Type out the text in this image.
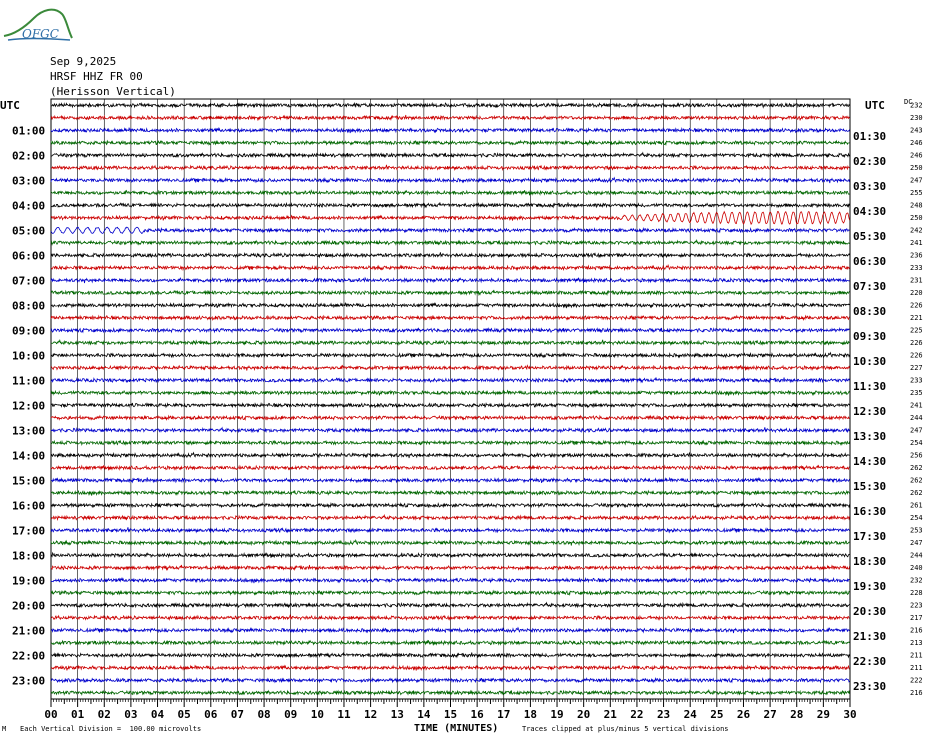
00 01 02 03 04 05 06 07 08 09 10 11 12 13 14 15 16 17 18 19 20 21 22 23 24 25 26 27 28 29 30
01:00
02:00
03:00
04:00
05:00
06:00
07:00
08:00
09:00
10:00
11:00
12:00
13:00
14:00
15:00
16:00
17:00
18:00
19:00
20:00
21:00
22:00
23:00
01:30
02:30
03:30
04:30
05:30
06:30
07:30
08:30
09:30
10:30
11:30
12:30
13:30
14:30
15:30
16:30
17:30
18:30
19:30
20:30
21:30
22:30
23:30
232
230
243
246
246
250
247
255
248
250
242
241
236
233
231
220
226
221
225
226
226
227
233
235
241
244
247
254
256
262
262
262
261
254
253
247
244
240
232
228
223
217
216
213
211
211
222
216
OFGC
Sep 9,2025
HRSF HHZ FR 00
(Herisson Vertical)
UTC	UTC	DC
M Each Vertical Division =  100.00 microvolts	TIME (MINUTES)	Traces clipped at plus/minus 5 vertical divisions
